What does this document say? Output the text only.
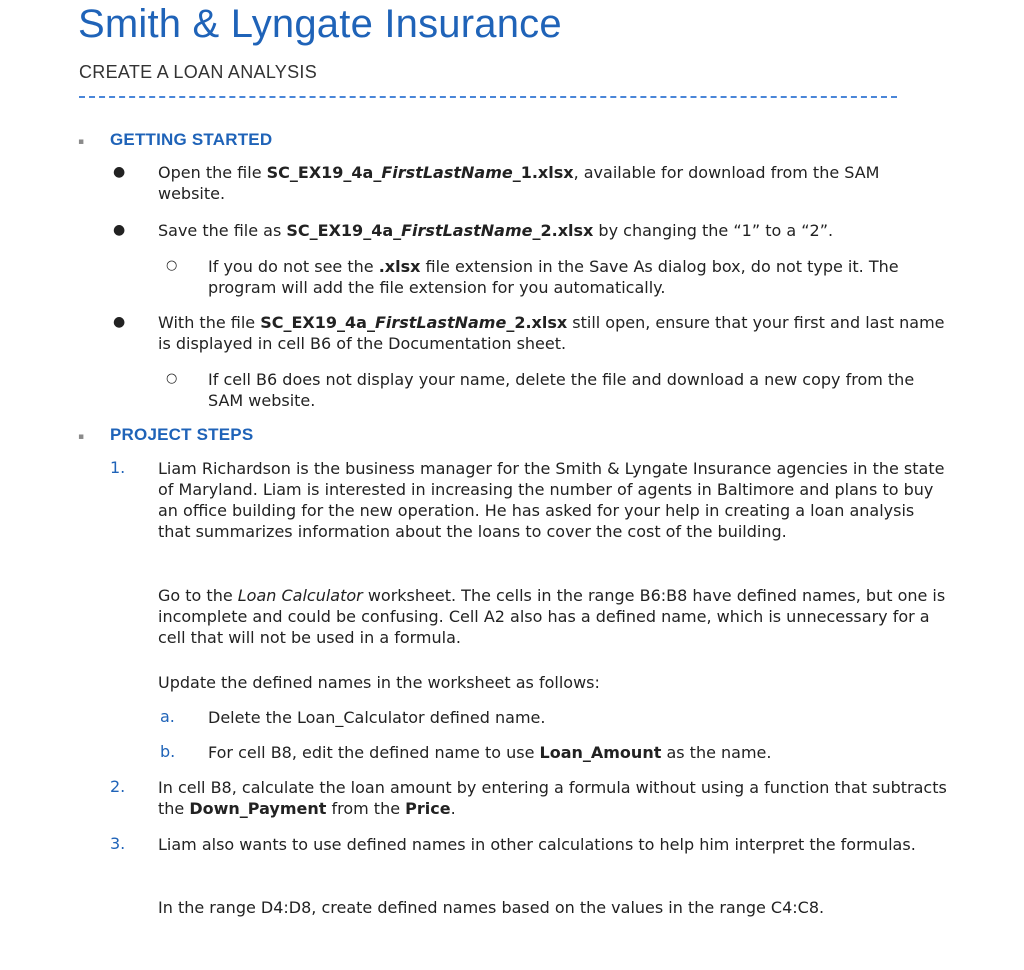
Smith & Lyngate Insurance
CREATE A LOAN ANALYSIS
▪ GETTING STARTED
● Open the file SC_EX19_4a_FirstLastName_1.xlsx, available for download from the SAM website.
● Save the file as SC_EX19_4a_FirstLastName_2.xlsx by changing the “1” to a “2”.
○ If you do not see the .xlsx file extension in the Save As dialog box, do not type it. The program will add the file extension for you automatically.
● With the file SC_EX19_4a_FirstLastName_2.xlsx still open, ensure that your first and last name is displayed in cell B6 of the Documentation sheet.
○ If cell B6 does not display your name, delete the file and download a new copy from the SAM website.
▪ PROJECT STEPS
1. Liam Richardson is the business manager for the Smith & Lyngate Insurance agencies in the state of Maryland. Liam is interested in increasing the number of agents in Baltimore and plans to buy an office building for the new operation. He has asked for your help in creating a loan analysis that summarizes information about the loans to cover the cost of the building.
Go to the Loan Calculator worksheet. The cells in the range B6:B8 have defined names, but one is incomplete and could be confusing. Cell A2 also has a defined name, which is unnecessary for a cell that will not be used in a formula.
Update the defined names in the worksheet as follows:
a. Delete the Loan_Calculator defined name.
b. For cell B8, edit the defined name to use Loan_Amount as the name.
2. In cell B8, calculate the loan amount by entering a formula without using a function that subtracts the Down_Payment from the Price.
3. Liam also wants to use defined names in other calculations to help him interpret the formulas.
In the range D4:D8, create defined names based on the values in the range C4:C8.
